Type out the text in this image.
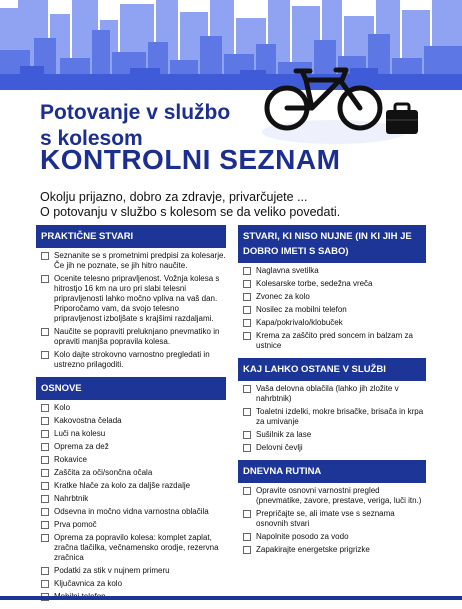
Potovanje v službo
s kolesom
KONTROLNI SEZNAM
Okolju prijazno, dobro za zdravje, privarčujete ...
O potovanju v službo s kolesom se da veliko povedati.
PRAKTIČNE STVARI
Seznanite se s prometnimi predpisi za kolesarje. Če jih ne poznate, se jih hitro naučite.
Ocenite telesno pripravljenost. Vožnja kolesa s hitrostjo 16 km na uro pri slabi telesni pripravljenosti lahko močno vpliva na vaš dan. Priporočamo vam, da svojo telesno pripravljenost izboljšate s krajšimi razdaljami.
Naučite se popraviti preluknjano pnevmatiko in opraviti manjša popravila kolesa.
Kolo dajte strokovno varnostno pregledati in ustrezno prilagoditi.
OSNOVE
Kolo
Kakovostna čelada
Luči na kolesu
Oprema za dež
Rokavice
Zaščita za oči/sončna očala
Kratke hlače za kolo za daljše razdalje
Nahrbtnik
Odsevna in močno vidna varnostna oblačila
Prva pomoč
Oprema za popravilo kolesa: komplet zaplat, zračna tlačilka, večnamensko orodje, rezervna zračnica
Podatki za stik v nujnem primeru
Ključavnica za kolo
STVARI, KI NISO NUJNE (IN KI JIH JE DOBRO IMETI S SABO)
Naglavna svetilka
Kolesarske torbe, sedežna vreča
Zvonec za kolo
Nosilec za mobilni telefon
Kapa/pokrivalo/klobuček
Krema za zaščito pred soncem in balzam za ustnice
KAJ LAHKO OSTANE V SLUŽBI
Vaša delovna oblačila (lahko jih zložite v nahrbtnik)
Toaletni izdelki, mokre brisačke, brisača in krpa za umivanje
Sušilnik za lase
Delovni čevlji
DNEVNA RUTINA
Opravite osnovni varnostni pregled (pnevmatike, zavore, prestave, veriga, luči itn.)
Prepričajte se, ali imate vse s seznama osnovnih stvari
Napolnite posodo za vodo
Zapakirajte energetske prigrizke
